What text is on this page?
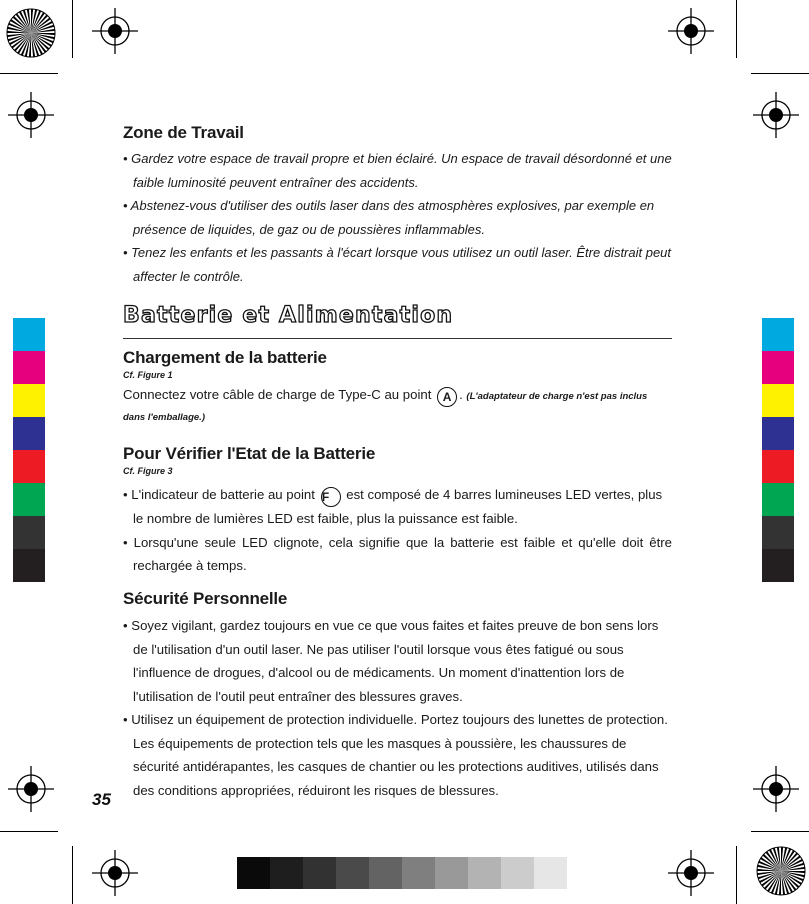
Zone de Travail

• Gardez votre espace de travail propre et bien éclairé. Un espace de travail désordonné et une faible luminosité peuvent entraîner des accidents.

• Abstenez-vous d'utiliser des outils laser dans des atmosphères explosives, par exemple en présence de liquides, de gaz ou de poussières inflammables.

• Tenez les enfants et les passants à l'écart lorsque vous utilisez un outil laser. Être distrait peut affecter le contrôle.

Batterie et Alimentation
Chargement de la batterie

Cf. Figure 1

Connectez votre câble de charge de Type-C au point A . (L'adaptateur de charge n'est pas inclus dans l'emballage.)

Pour Vérifier l'Etat de la Batterie

Cf. Figure 3

• L'indicateur de batterie au point F est composé de 4 barres lumineuses LED vertes, plus le nombre de lumières LED est faible, plus la puissance est faible.

• Lorsqu'une seule LED clignote, cela signifie que la batterie est faible et qu'elle doit être rechargée à temps.

Sécurité Personnelle

• Soyez vigilant, gardez toujours en vue ce que vous faites et faites preuve de bon sens lors de l'utilisation d'un outil laser. Ne pas utiliser l'outil lorsque vous êtes fatigué ou sous l'influence de drogues, d'alcool ou de médicaments. Un moment d'inattention lors de l'utilisation de l'outil peut entraîner des blessures graves.

• Utilisez un équipement de protection individuelle. Portez toujours des lunettes de protection. Les équipements de protection tels que les masques à poussière, les chaussures de sécurité antidérapantes, les casques de chantier ou les protections auditives, utilisés dans des conditions appropriées, réduiront les risques de blessures.

35
